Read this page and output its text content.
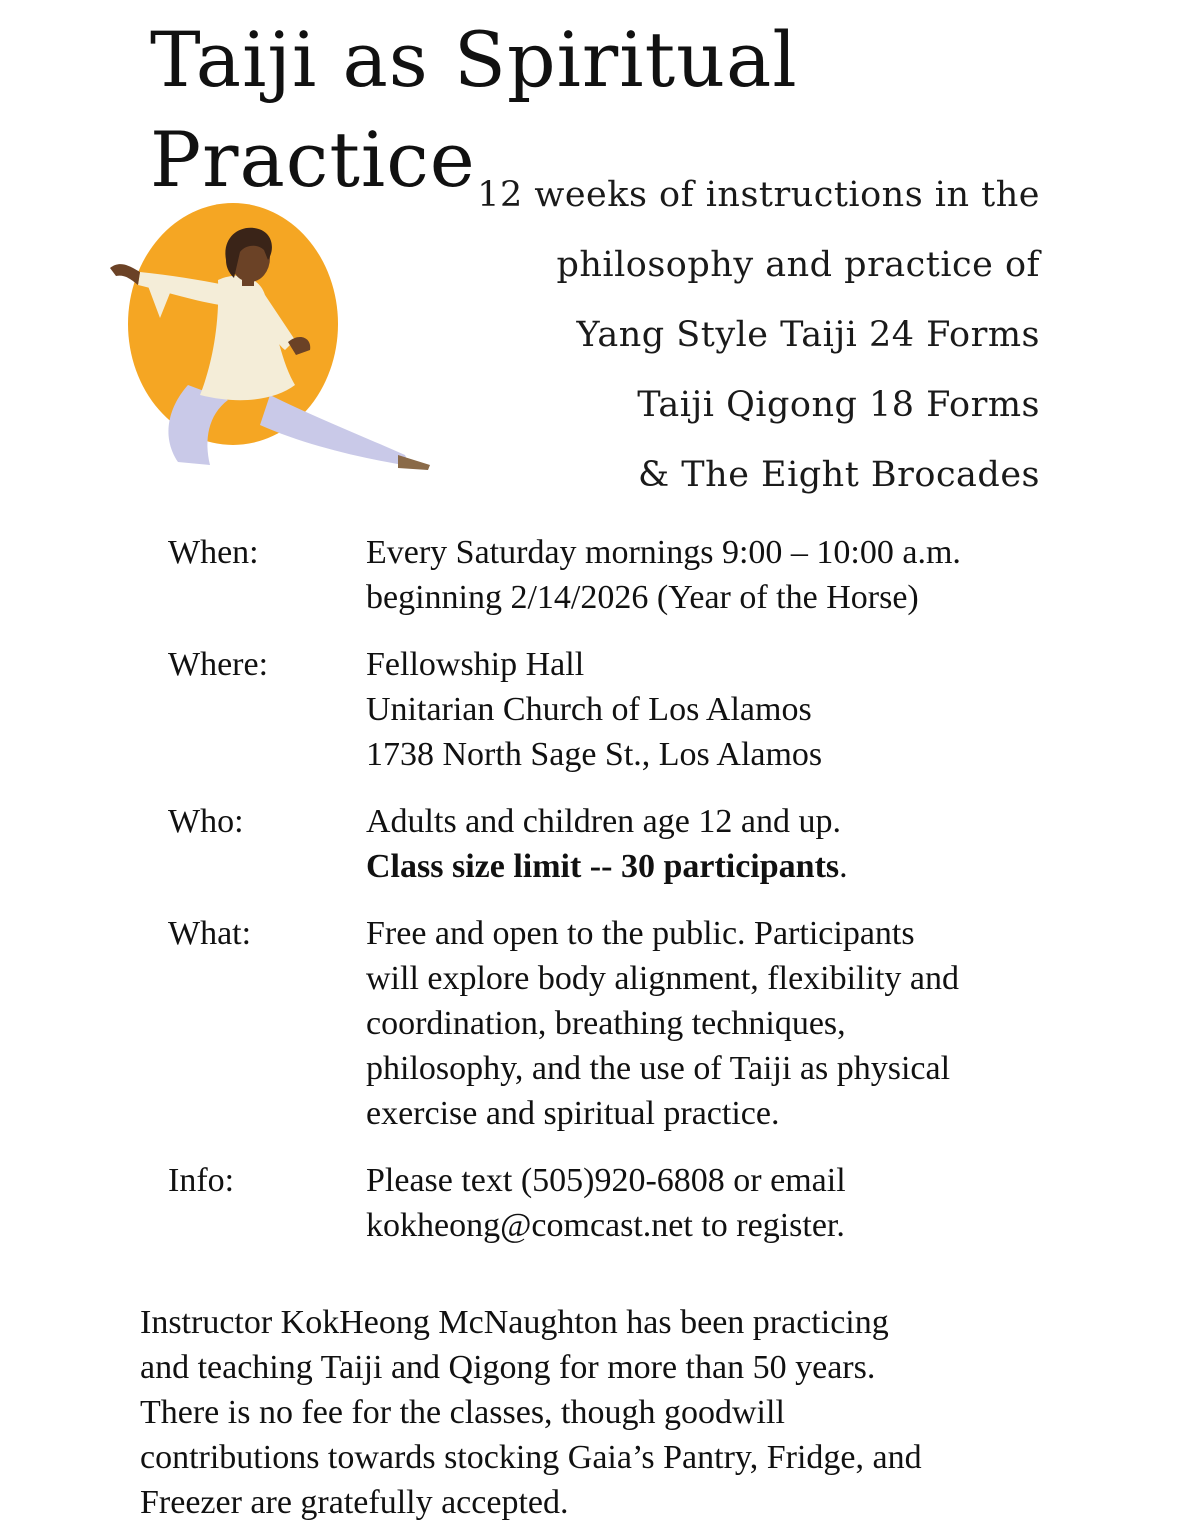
Taiji as Spiritual Practice 12 weeks of instructions in the
philosophy and practice of
Yang Style Taiji 24 Forms
Taiji Qigong 18 Forms
& The Eight Brocades
When:	Every Saturday mornings 9:00 – 10:00 a.m.
beginning 2/14/2026 (Year of the Horse)
Where:	Fellowship Hall
Unitarian Church of Los Alamos
1738 North Sage St., Los Alamos
Who:	Adults and children age 12 and up.
Class size limit -- 30 participants.
What:	Free and open to the public. Participants
will explore body alignment, flexibility and
coordination, breathing techniques,
philosophy, and the use of Taiji as physical
exercise and spiritual practice.
Info:	Please text (505)920-6808 or email
kokheong@comcast.net to register.
Instructor KokHeong McNaughton has been practicing
and teaching Taiji and Qigong for more than 50 years.
There is no fee for the classes, though goodwill
contributions towards stocking Gaia’s Pantry, Fridge, and
Freezer are gratefully accepted.
